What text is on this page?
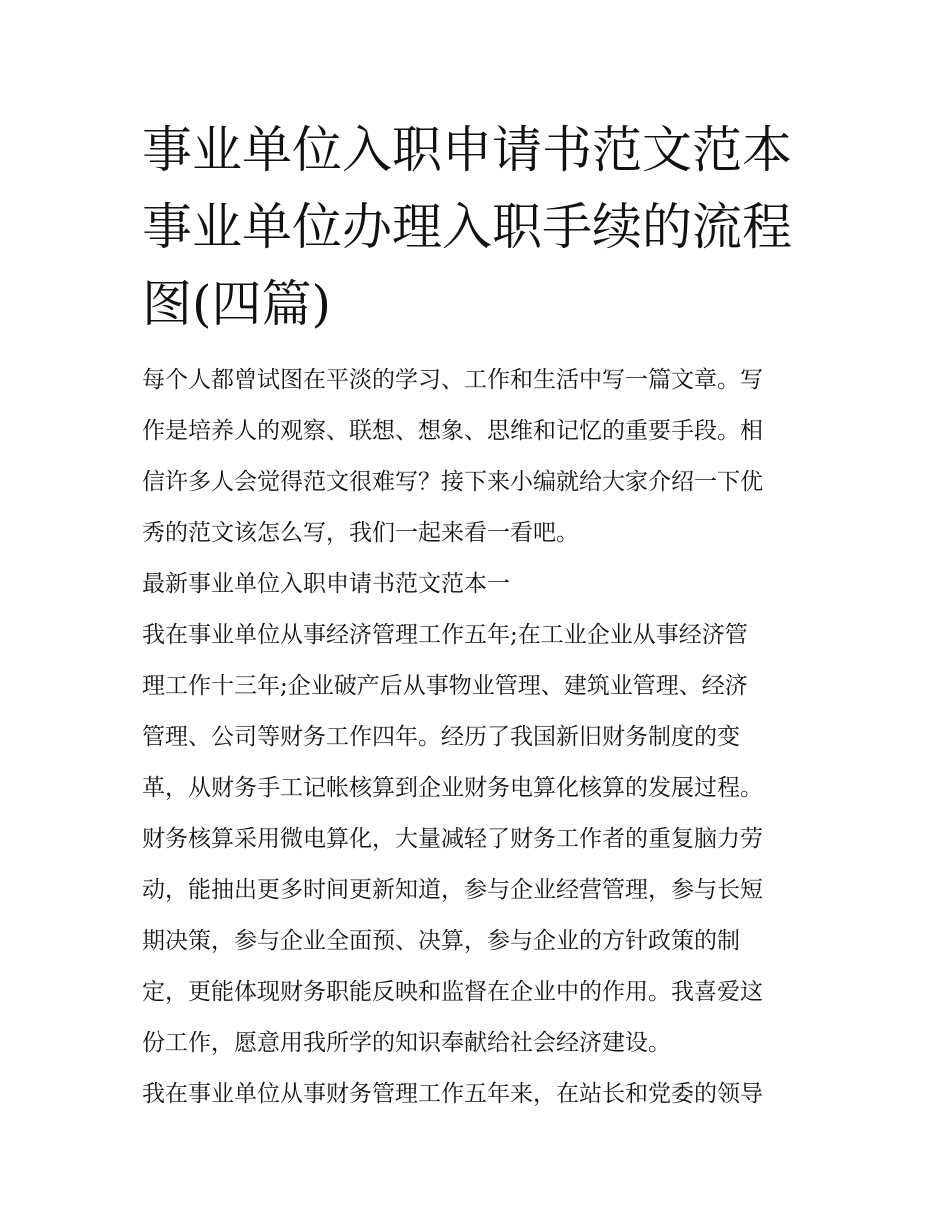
事业单位入职申请书范文范本
事业单位办理入职手续的流程
图(四篇)

每个人都曾试图在平淡的学习、工作和生活中写一篇文章。写
作是培养人的观察、联想、想象、思维和记忆的重要手段。相
信许多人会觉得范文很难写？接下来小编就给大家介绍一下优
秀的范文该怎么写，我们一起来看一看吧。

最新事业单位入职申请书范文范本一

我在事业单位从事经济管理工作五年;在工业企业从事经济管
理工作十三年;企业破产后从事物业管理、建筑业管理、经济
管理、公司等财务工作四年。经历了我国新旧财务制度的变
革，从财务手工记帐核算到企业财务电算化核算的发展过程。
财务核算采用微电算化，大量减轻了财务工作者的重复脑力劳
动，能抽出更多时间更新知道，参与企业经营管理，参与长短
期决策，参与企业全面预、决算，参与企业的方针政策的制
定，更能体现财务职能反映和监督在企业中的作用。我喜爱这
份工作，愿意用我所学的知识奉献给社会经济建设。

我在事业单位从事财务管理工作五年来，在站长和党委的领导
